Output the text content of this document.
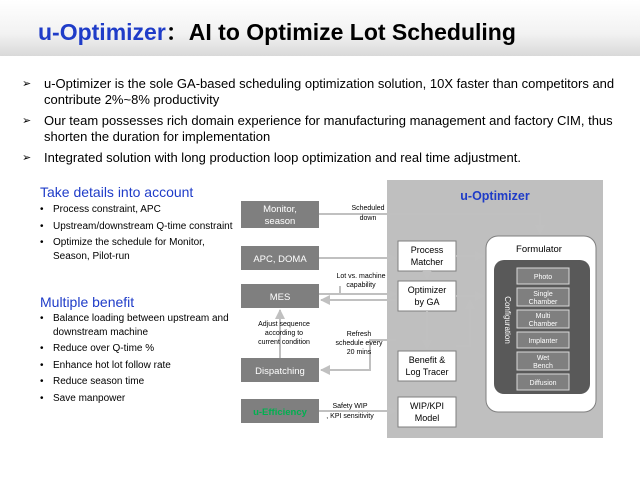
u-Optimizer：AI to Optimize Lot Scheduling
➢ u-Optimizer is the sole GA-based scheduling optimization solution, 10X faster than competitors and contribute 2%~8% productivity
➢ Our team possesses rich domain experience for manufacturing management and factory CIM, thus shorten the duration for implementation
➢ Integrated solution with long production loop optimization and real time adjustment.
Take details into account
• Process constraint, APC
• Upstream/downstream Q-time constraint
• Optimize the schedule for Monitor, Season, Pilot-run
Multiple benefit
• Balance loading between upstream and downstream machine
• Reduce over Q-time %
• Enhance hot lot follow rate
• Reduce season time
• Save manpower
u-Optimizer
Formulator
Configuration
Photo
Single
Chamber
Multi
Chamber
Implanter
Wet
Bench
Diffusion
Process
Matcher
Optimizer
by GA
Benefit &
Log Tracer
WIP/KPI
Model
Monitor,
season
APC, DOMA
MES
Dispatching
u-Efficiency
Scheduled
down
Lot vs. machine
capability
Adjust sequence
according to
current condition
Refresh
schedule every
20 mins
Safety WIP
, KPI sensitivity
